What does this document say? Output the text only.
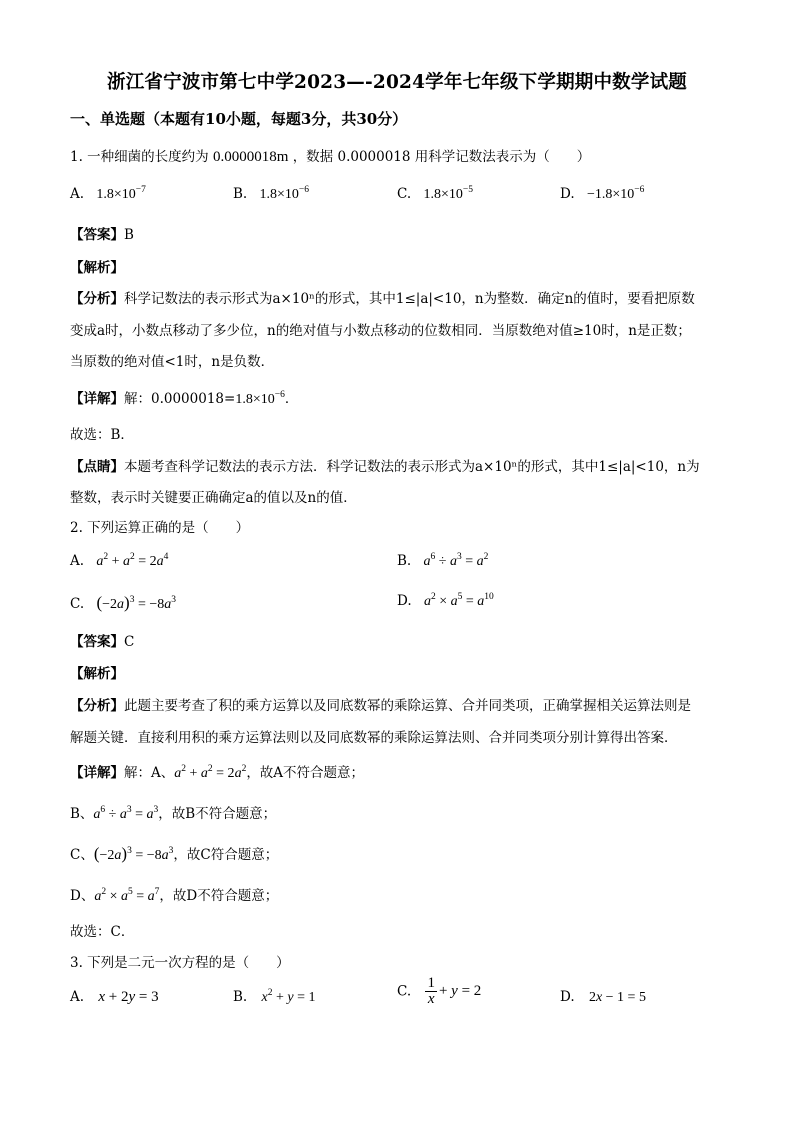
浙江省宁波市第七中学2023—-2024学年七年级下学期期中数学试题
一、单选题（本题有10小题，每题3分，共30分）
1. 一种细菌的长度约为 0.0000018m ，数据 0.0000018 用科学记数法表示为（　　）
A. $1.8\times 10^{-7}$	B. $1.8\times 10^{-6}$	C. $1.8\times 10^{-5}$	D. $-1.8\times 10^{-6}$
【答案】B
【解析】
【分析】科学记数法的表示形式为a×10ⁿ的形式，其中1≤|a|<10，n为整数．确定n的值时，要看把原数
变成a时，小数点移动了多少位，n的绝对值与小数点移动的位数相同．当原数绝对值≥10时，n是正数；
当原数的绝对值<1时，n是负数．
【详解】解：$0.0000018=1.8\times 10^{-6}$．
故选：B．
【点睛】本题考查科学记数法的表示方法．科学记数法的表示形式为a×10ⁿ的形式，其中1≤|a|<10，n为
整数，表示时关键要正确确定a的值以及n的值．
2. 下列运算正确的是（　　）
A. $a^2 + a^2 = 2a^4$	B. $a^6 \div a^3 = a^2$
C. $(-2a)^3 = -8a^3$	D. $a^2 \times a^5 = a^{10}$
【答案】C
【解析】
【分析】此题主要考查了积的乘方运算以及同底数幂的乘除运算、合并同类项，正确掌握相关运算法则是
解题关键．直接利用积的乘方运算法则以及同底数幂的乘除运算法则、合并同类项分别计算得出答案．
【详解】解：A、$a^2 + a^2 = 2a^2$，故A不符合题意；
B、$a^6 \div a^3 = a^3$，故B不符合题意；
C、$(-2a)^3 = -8a^3$，故C符合题意；
D、$a^2 \times a^5 = a^7$，故D不符合题意；
故选：C．
3. 下列是二元一次方程的是（　　）
A. x + 2y = 3	B. $x^2 + y = 1$	C. $\frac{1}{x} + y = 2$	D. 2x − 1 = 5
